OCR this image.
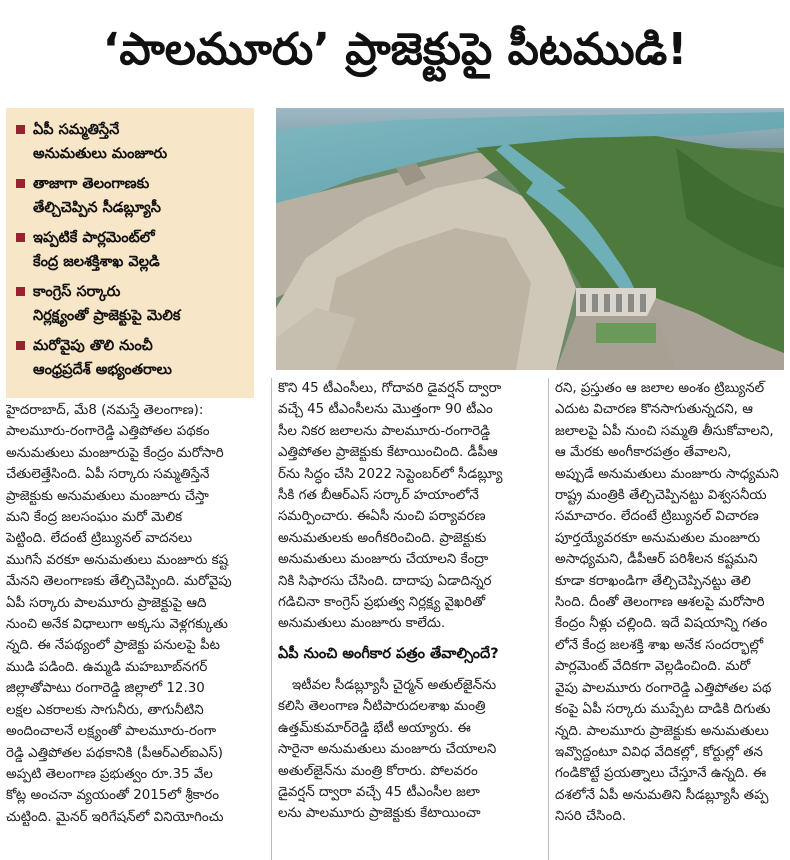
‘పాలమూరు’ ప్రాజెక్టుపై పీటముడి!
ఏపీ సమ్మతిస్తేనే
అనుమతులు మంజూరు
తాజాగా తెలంగాణకు
తేల్చిచెప్పిన సీడబ్ల్యూసీ
ఇప్పటికే పార్లమెంట్‌లో
కేంద్ర జలశక్తిశాఖ వెల్లడి
కాంగ్రెస్ సర్కారు
నిర్లక్ష్యంతో ప్రాజెక్టుపై మెలిక
మరోవైపు తొలి నుంచీ
ఆంధ్రప్రదేశ్ అభ్యంతరాలు
హైదరాబాద్, మే8 (నమస్తే తెలంగాణ):
పాలమూరు-రంగారెడ్డి ఎత్తిపోతల పథకం
అనుమతులు మంజూరుపై కేంద్రం మరోసారి
చేతులెత్తేసింది. ఏపీ సర్కారు సమ్మతిస్తేనే
ప్రాజెక్టుకు అనుమతులు మంజూరు చేస్తా
మని కేంద్ర జలసంఘం మరో మెలిక
పెట్టింది. లేదంటే ట్రిబ్యునల్ వాదనలు
ముగిసే వరకూ అనుమతులు మంజూరు కష్ట
మేనని తెలంగాణకు తేల్చిచెప్పింది. మరోవైపు
ఏపీ సర్కారు పాలమూరు ప్రాజెక్టుపై ఆది
నుంచి అనేక విధాలుగా అక్కసు వెళ్లగక్కుతు
న్నది. ఈ నేపథ్యంలో ప్రాజెక్టు పనులపై పీట
ముడి పడింది. ఉమ్మడి మహబూబ్‌నగర్
జిల్లాతోపాటు రంగారెడ్డి జిల్లాలో 12.30
లక్షల ఎకరాలకు సాగునీరు, తాగునీటిని
అందించాలనే లక్ష్యంతో పాలమూరు-రంగా
రెడ్డి ఎత్తిపోతల పథకానికి (పీఆర్‌ఎల్ఐఎస్)
అప్పటి తెలంగాణ ప్రభుత్వం రూ.35 వేల
కోట్ల అంచనా వ్యయంతో 2015లో శ్రీకారం
చుట్టింది. మైనర్ ఇరిగేషన్‌లో వినియోగించు
కొని 45 టీఎంసీలు, గోదావరి డైవర్షన్ ద్వారా
వచ్చే 45 టీఎంసీలను మొత్తంగా 90 టీఎం
సీల నికర జలాలను పాలమూరు-రంగారెడ్డి
ఎత్తిపోతల ప్రాజెక్టుకు కేటాయించింది. డీపీఆ
ర్‌ను సిద్ధం చేసి 2022 సెప్టెంబర్‌లో సీడబ్ల్యూ
సీకి గత బీఆర్‌ఎస్ సర్కార్ హయాంలోనే
సమర్పించారు. ఈఏసీ నుంచి పర్యావరణ
అనుమతులకు అంగీకరించింది. ప్రాజెక్టుకు
అనుమతులు మంజూరు చేయాలని కేంద్రా
నికి సిఫారసు చేసింది. దాదాపు ఏడాదిన్నర
గడిచినా కాంగ్రెస్ ప్రభుత్వ నిర్లక్ష్య వైఖరితో
అనుమతులు మంజూరు కాలేదు.
ఏపీ నుంచి అంగీకార పత్రం తేవాల్సిందే?
ఇటీవల సీడబ్ల్యూసీ చైర్మన్ అతుల్‌జైన్‌ను
కలిసి తెలంగాణ నీటిపారుదలశాఖ మంత్రి
ఉత్తమ్‌కుమార్‌రెడ్డి భేటీ అయ్యారు. ఈ
సారైనా అనుమతులు మంజూరు చేయాలని
అతుల్‌జైన్‌ను మంత్రి కోరారు. పోలవరం
డైవర్షన్ ద్వారా వచ్చే 45 టీఎంసీల జలా
లను పాలమూరు ప్రాజెక్టుకు కేటాయించా
రని, ప్రస్తుతం ఆ జలాల అంశం ట్రిబ్యునల్
ఎదుట విచారణ కొనసాగుతున్నదని, ఆ
జలాలపై ఏపీ నుంచి సమ్మతి తీసుకోవాలని,
ఆ మేరకు అంగీకారపత్రం తేవాలని,
అప్పుడే అనుమతులు మంజూరు సాధ్యమని
రాష్ట్ర మంత్రికి తేల్చిచెప్పినట్టు విశ్వసనీయ
సమాచారం. లేదంటే ట్రిబ్యునల్ విచారణ
పూర్తయ్యేవరకూ అనుమతుల మంజూరు
అసాధ్యమని, డీపీఆర్ పరిశీలన కష్టమని
కూడా కరాఖండిగా తేల్చిచెప్పినట్టు తెలి
సింది. దీంతో తెలంగాణ ఆశలపై మరోసారి
కేంద్రం నీళ్లు చల్లింది. ఇదే విషయాన్ని గతం
లోనే కేంద్ర జలశక్తి శాఖ అనేక సందర్భాల్లో
పార్లమెంట్ వేదికగా వెల్లడించింది. మరో
వైపు పాలమూరు రంగారెడ్డి ఎత్తిపోతల పథ
కంపై ఏపీ సర్కారు ముప్పేట దాడికి దిగుతు
న్నది. పాలమూరు ప్రాజెక్టుకు అనుమతులు
ఇవ్వొద్దంటూ వివిధ వేదికల్లో, కోర్టుల్లో తన
గండికొట్టే ప్రయత్నాలు చేస్తూనే ఉన్నది. ఈ
దశలోనే ఏపీ అనుమతిని సీడబ్ల్యూసీ తప్ప
నిసరి చేసింది.
